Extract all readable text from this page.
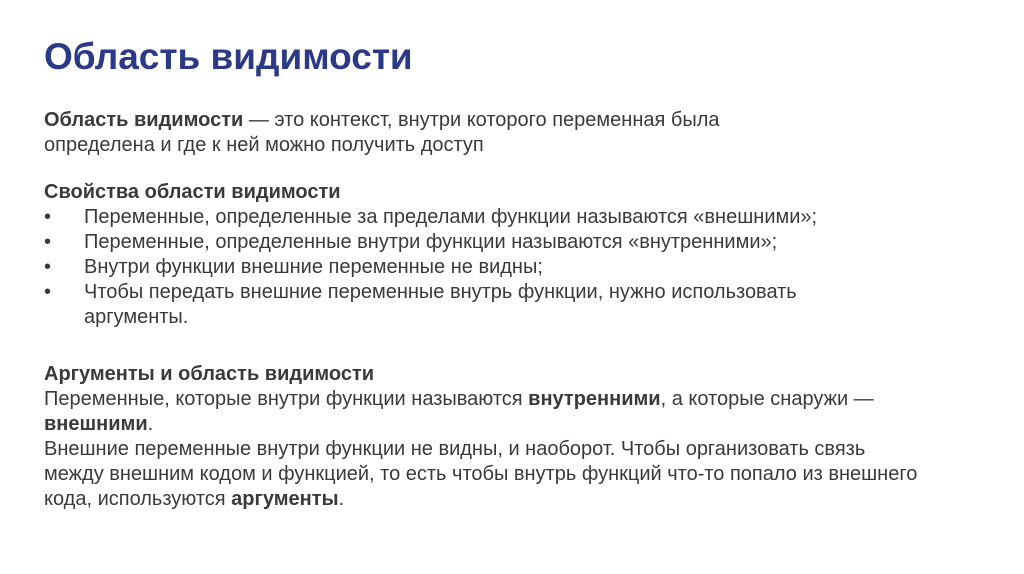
Область видимости
Область видимости — это контекст, внутри которого переменная была определена и где к ней можно получить доступ
Свойства области видимости
•	Переменные, определенные за пределами функции называются «внешними»;
•	Переменные, определенные внутри функции называются «внутренними»;
•	Внутри функции внешние переменные не видны;
•	Чтобы передать внешние переменные внутрь функции, нужно использовать аргументы.
Аргументы и область видимости
Переменные, которые внутри функции называются внутренними, а которые снаружи — внешними.
Внешние переменные внутри функции не видны, и наоборот. Чтобы организовать связь между внешним кодом и функцией, то есть чтобы внутрь функций что-то попало из внешнего кода, используются аргументы.
